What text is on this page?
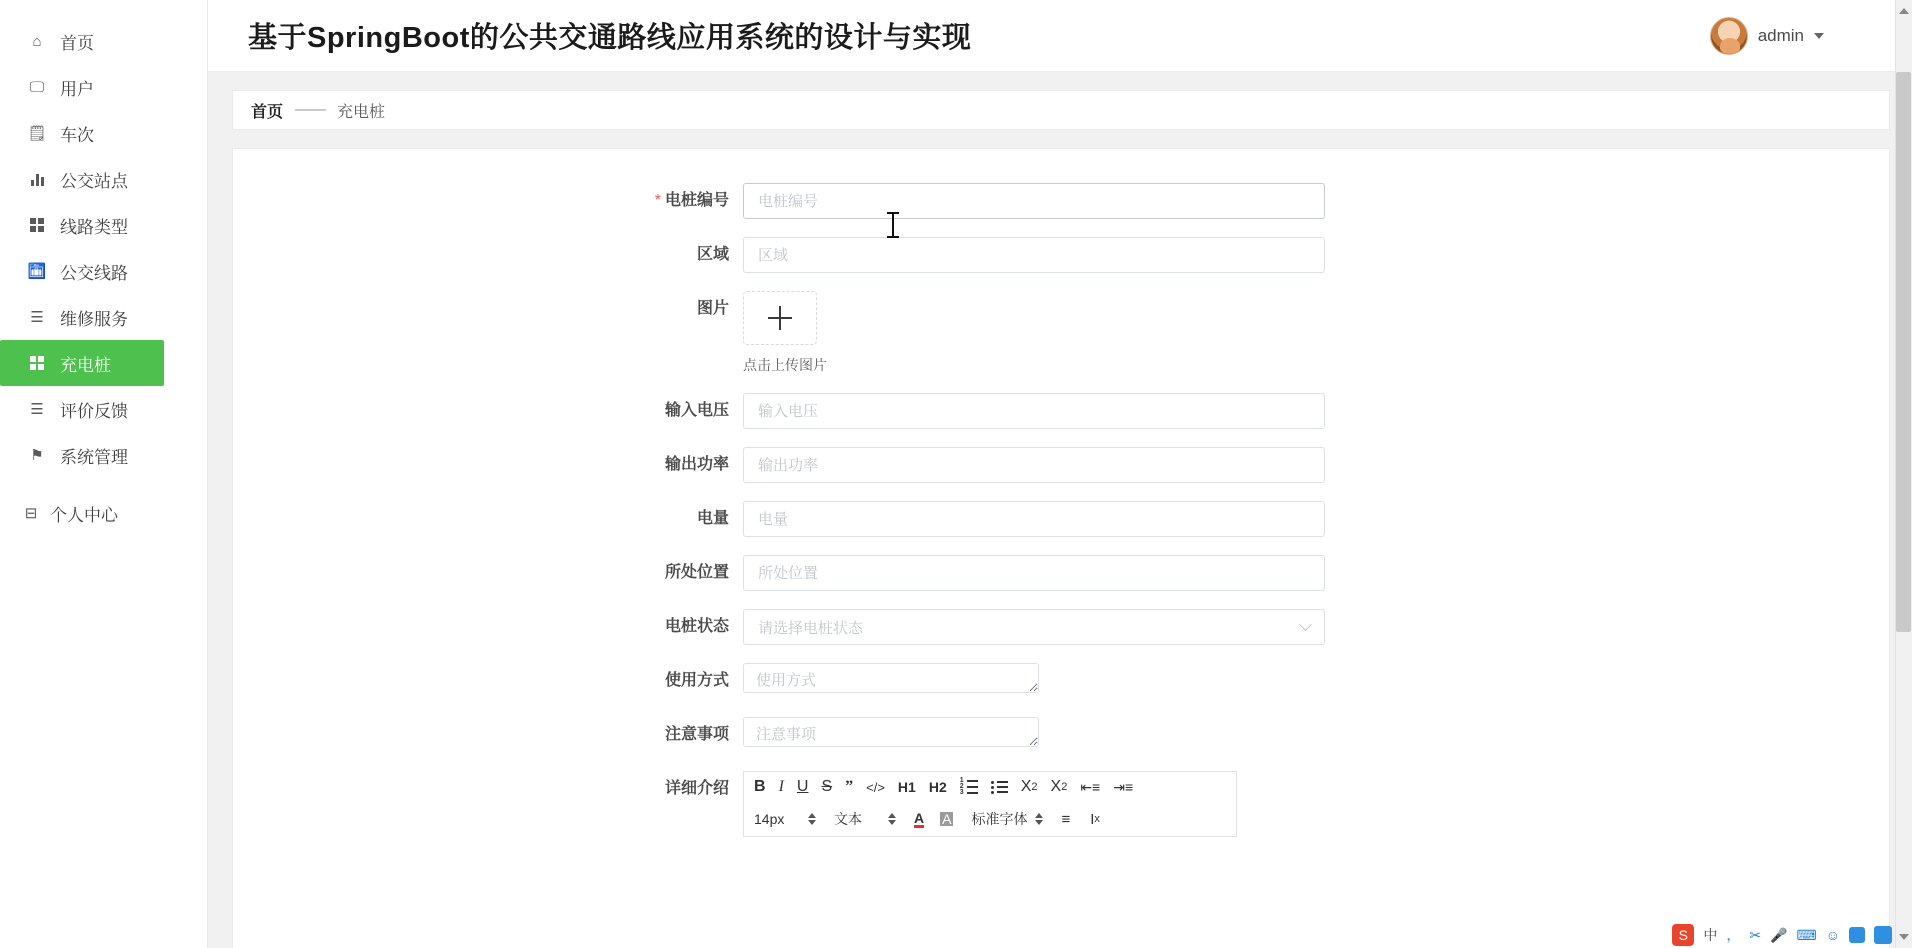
⌂	首页
🖵 用户
🗒 车次
公交站点
线路类型
🛅 公交线路
☰ 维修服务
充电桩
☰ 评价反馈
⚑ 系统管理
⊟ 个人中心
基于SpringBoot的公共交通路线应用系统的设计与实现	admin
首页 —— 充电桩
* 电桩编号
电桩编号
区域
区域
图片
点击上传图片
输入电压
输入电压
输出功率
输出功率
电量
电量
所处位置
所处位置
电桩状态	请选择电桩状态
使用方式
使用方式
注意事项
注意事项
详细介绍	B I U S ” </> H1 H2 1
2
3	X 2 X 2 ⇤≡ ⇥≡
14px	文本	A A 标准字体 ≡ I x
S	中 ， ✂ 🎤 ⌨ ☺
